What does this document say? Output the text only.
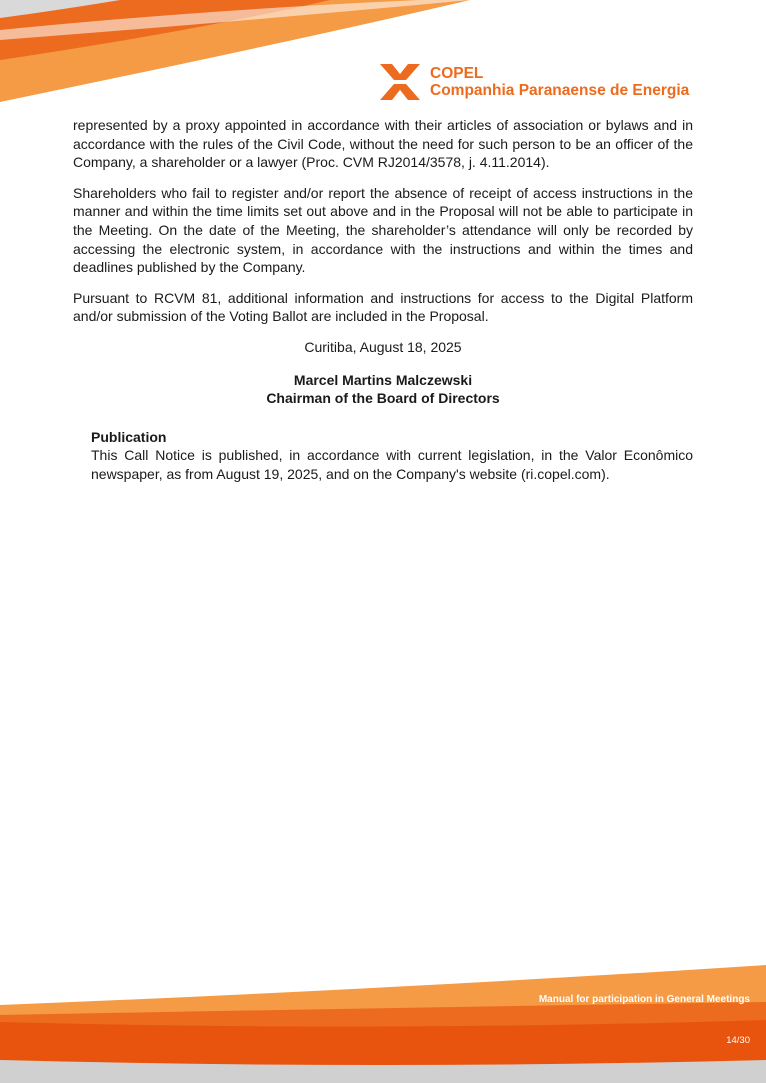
COPEL
Companhia Paranaense de Energia

represented by a proxy appointed in accordance with their articles of association or bylaws and in accordance with the rules of the Civil Code, without the need for such person to be an officer of the Company, a shareholder or a lawyer (Proc. CVM RJ2014/3578, j. 4.11.2014).

Shareholders who fail to register and/or report the absence of receipt of access instructions in the manner and within the time limits set out above and in the Proposal will not be able to participate in the Meeting. On the date of the Meeting, the shareholder’s attendance will only be recorded by accessing the electronic system, in accordance with the instructions and within the times and deadlines published by the Company.

Pursuant to RCVM 81, additional information and instructions for access to the Digital Platform and/or submission of the Voting Ballot are included in the Proposal.

Curitiba, August 18, 2025

Marcel Martins Malczewski

Chairman of the Board of Directors

Publication

This Call Notice is published, in accordance with current legislation, in the Valor Econômico newspaper, as from August 19, 2025, and on the Company's website (ri.copel.com).

Manual for participation in General Meetings
14/30
